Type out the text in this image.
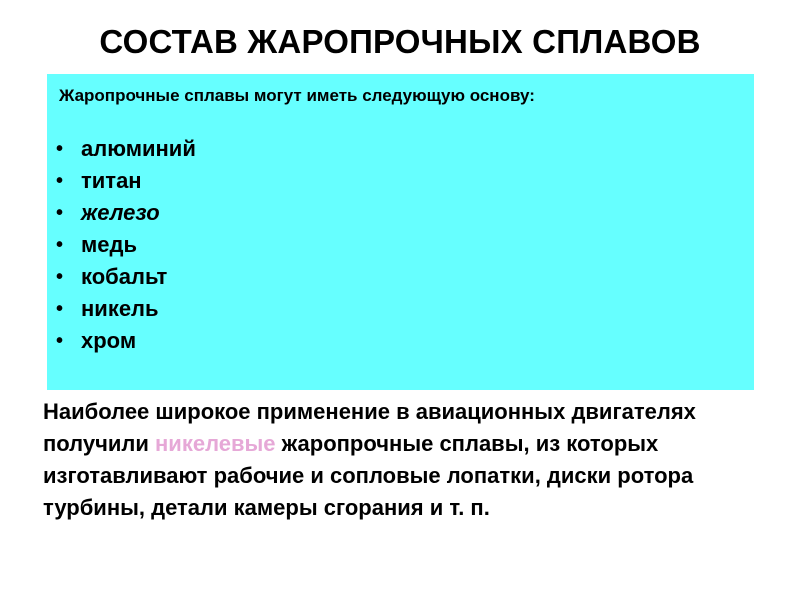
СОСТАВ ЖАРОПРОЧНЫХ СПЛАВОВ
Жаропрочные сплавы могут иметь следующую основу:
• алюминий
• титан
• железо
• медь
• кобальт
• никель
• хром
Наиболее широкое применение в авиационных двигателях получили никелевые жаропрочные сплавы, из которых изготавливают рабочие и сопловые лопатки, диски ротора турбины, детали камеры сгорания и т. п.
